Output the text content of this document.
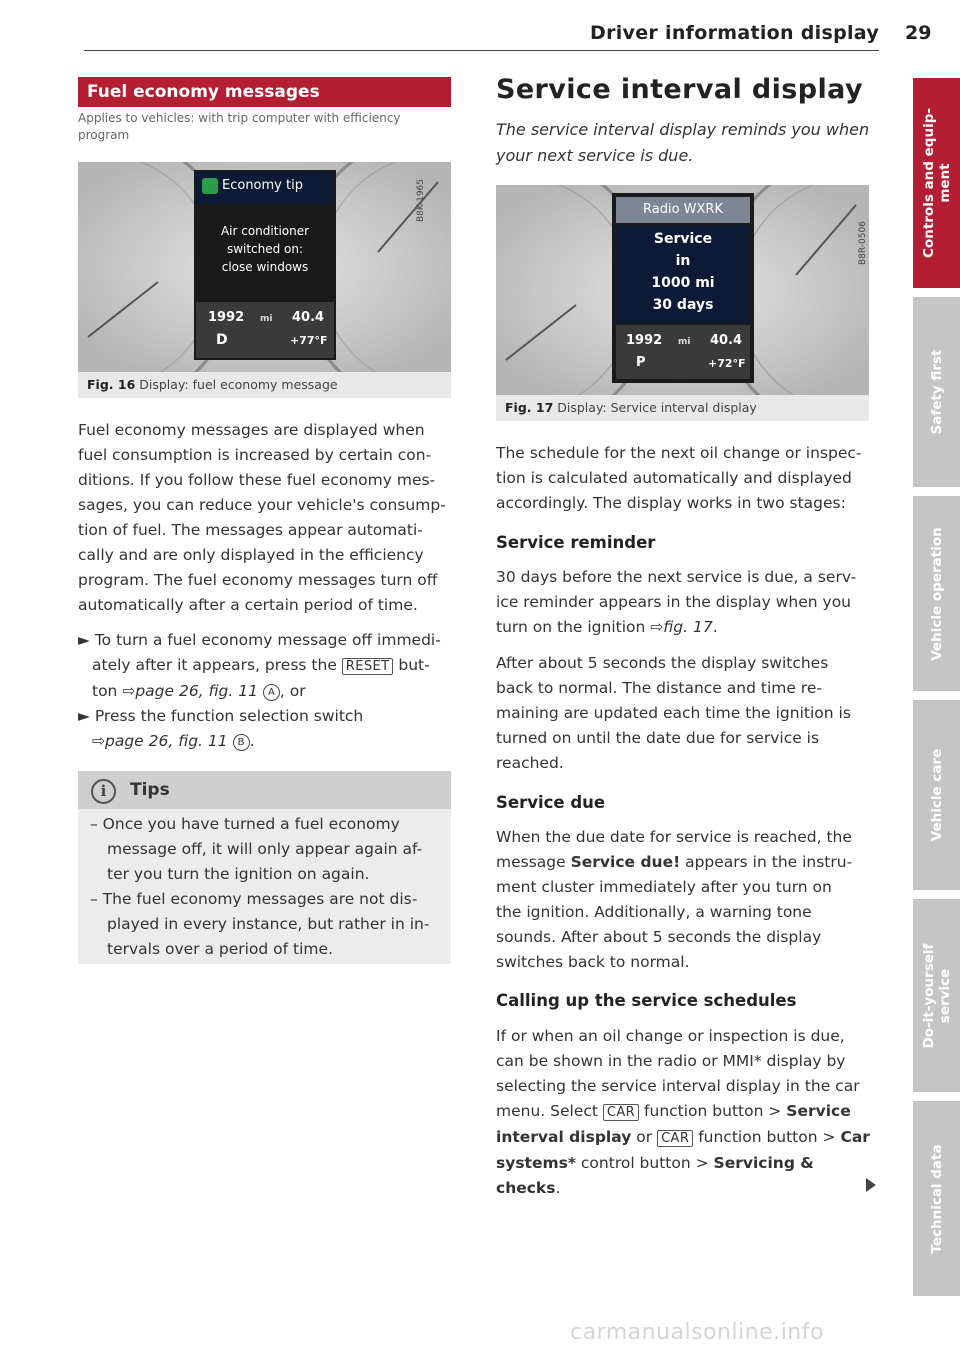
Driver information display 29
Fuel economy messages
Applies to vehicles: with trip computer with efficiency program
Economy tip
Air conditioner
switched on:
close windows
1992 mi 40.4
D	+77°F
B8K-1965
Fig. 16 Display: fuel economy message

Fuel economy messages are displayed when

fuel consumption is increased by certain con-

ditions. If you follow these fuel economy mes-

sages, you can reduce your vehicle's consump-

tion of fuel. The messages appear automati-

cally and are only displayed in the efficiency

program. The fuel economy messages turn off

automatically after a certain period of time.

► To turn a fuel economy message off immedi-

ately after it appears, press the RESET but-

ton ⇨page 26, fig. 11 A , or

► Press the function selection switch

⇨page 26, fig. 11 B .

i	Tips

– Once you have turned a fuel economy

message off, it will only appear again af-

ter you turn the ignition on again.

– The fuel economy messages are not dis-

played in every instance, but rather in in-

tervals over a period of time.

Service interval display
The service interval display reminds you when
your next service is due.
Radio WXRK
Service
in
1000 mi
30 days
1992 mi 40.4
P	+72°F
B8R-0506
Fig. 17 Display: Service interval display

The schedule for the next oil change or inspec-

tion is calculated automatically and displayed

accordingly. The display works in two stages:

Service reminder

30 days before the next service is due, a serv-

ice reminder appears in the display when you

turn on the ignition ⇨fig. 17.

After about 5 seconds the display switches

back to normal. The distance and time re-

maining are updated each time the ignition is

turned on until the date due for service is

reached.

Service due

When the due date for service is reached, the

message Service due! appears in the instru-

ment cluster immediately after you turn on

the ignition. Additionally, a warning tone

sounds. After about 5 seconds the display

switches back to normal.

Calling up the service schedules

If or when an oil change or inspection is due,

can be shown in the radio or MMI* display by

selecting the service interval display in the car

menu. Select CAR function button > Service

interval display or CAR function button > Car

systems* control button > Servicing &

checks.

Controls and equip-
ment
Safety first
Vehicle operation
Vehicle care
Do-it-yourself
service
Technical data
carmanualsonline.info
